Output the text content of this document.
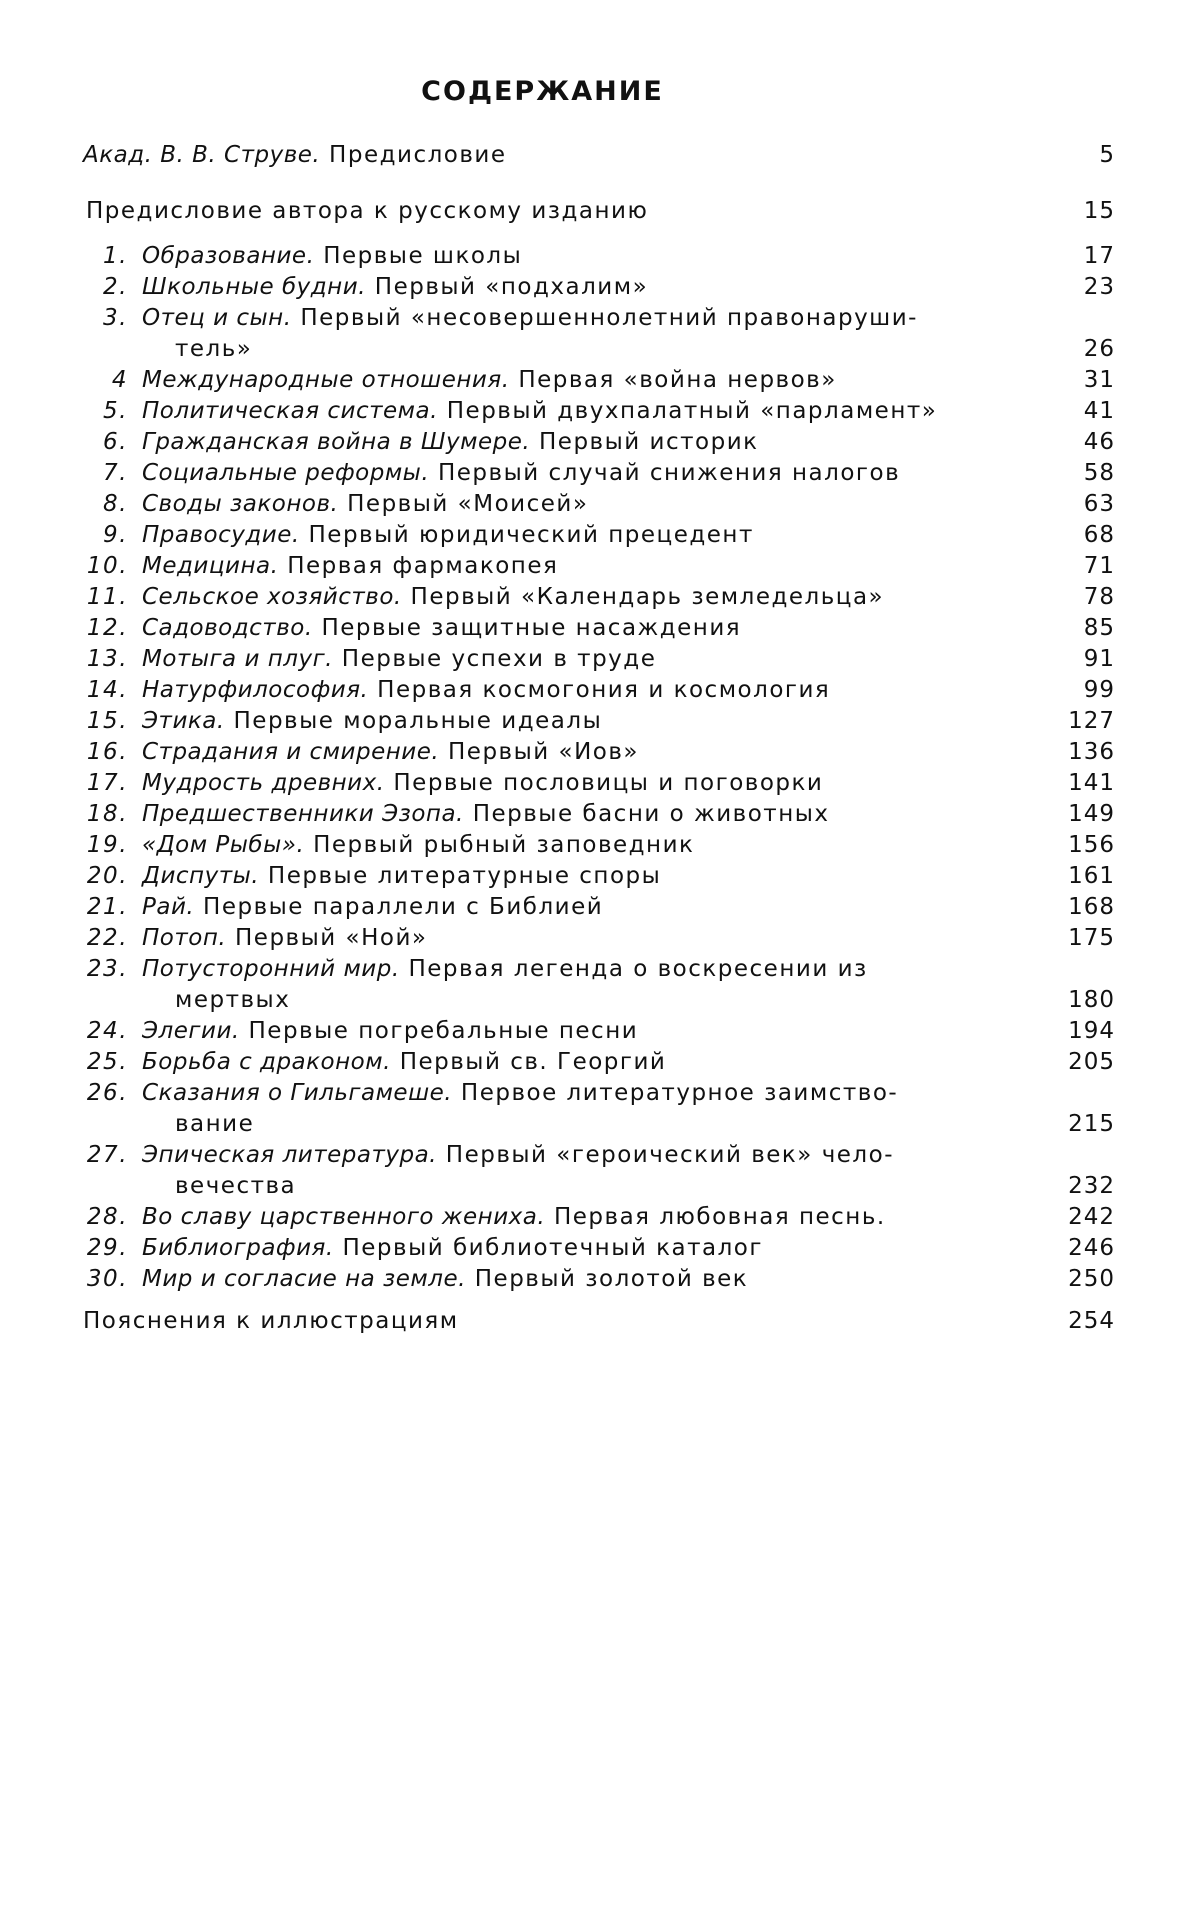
СОДЕРЖАНИЕ
Акад. В. В. Струве. Предисловие	5
Предисловие автора к русскому изданию	15
1. Образование. Первые школы	17
2. Школьные будни. Первый «подхалим»	23
3. Отец и сын. Первый «несовершеннолетний правонаруши-
тель»	26
4 Международные отношения. Первая «война нервов»	31
5. Политическая система. Первый двухпалатный «парламент»	41
6. Гражданская война в Шумере. Первый историк	46
7. Социальные реформы. Первый случай снижения налогов	58
8. Своды законов. Первый «Моисей»	63
9. Правосудие. Первый юридический прецедент	68
10. Медицина. Первая фармакопея	71
11. Сельское хозяйство. Первый «Календарь земледельца»	78
12. Садоводство. Первые защитные насаждения	85
13. Мотыга и плуг. Первые успехи в труде	91
14. Натурфилософия. Первая космогония и космология	99
15. Этика. Первые моральные идеалы	127
16. Страдания и смирение. Первый «Иов»	136
17. Мудрость древних. Первые пословицы и поговорки	141
18. Предшественники Эзопа. Первые басни о животных	149
19. «Дом Рыбы». Первый рыбный заповедник	156
20. Диспуты. Первые литературные споры	161
21. Рай. Первые параллели с Библией	168
22. Потоп. Первый «Ной»	175
23. Потусторонний мир. Первая легенда о воскресении из
мертвых	180
24. Элегии. Первые погребальные песни	194
25. Борьба с драконом. Первый св. Георгий	205
26. Сказания о Гильгамеше. Первое литературное заимство-
вание	215
27. Эпическая литература. Первый «героический век» чело-
вечества	232
28. Во славу царственного жениха. Первая любовная песнь.	242
29. Библиография. Первый библиотечный каталог	246
30. Мир и согласие на земле. Первый золотой век	250
Пояснения к иллюстрациям	254
